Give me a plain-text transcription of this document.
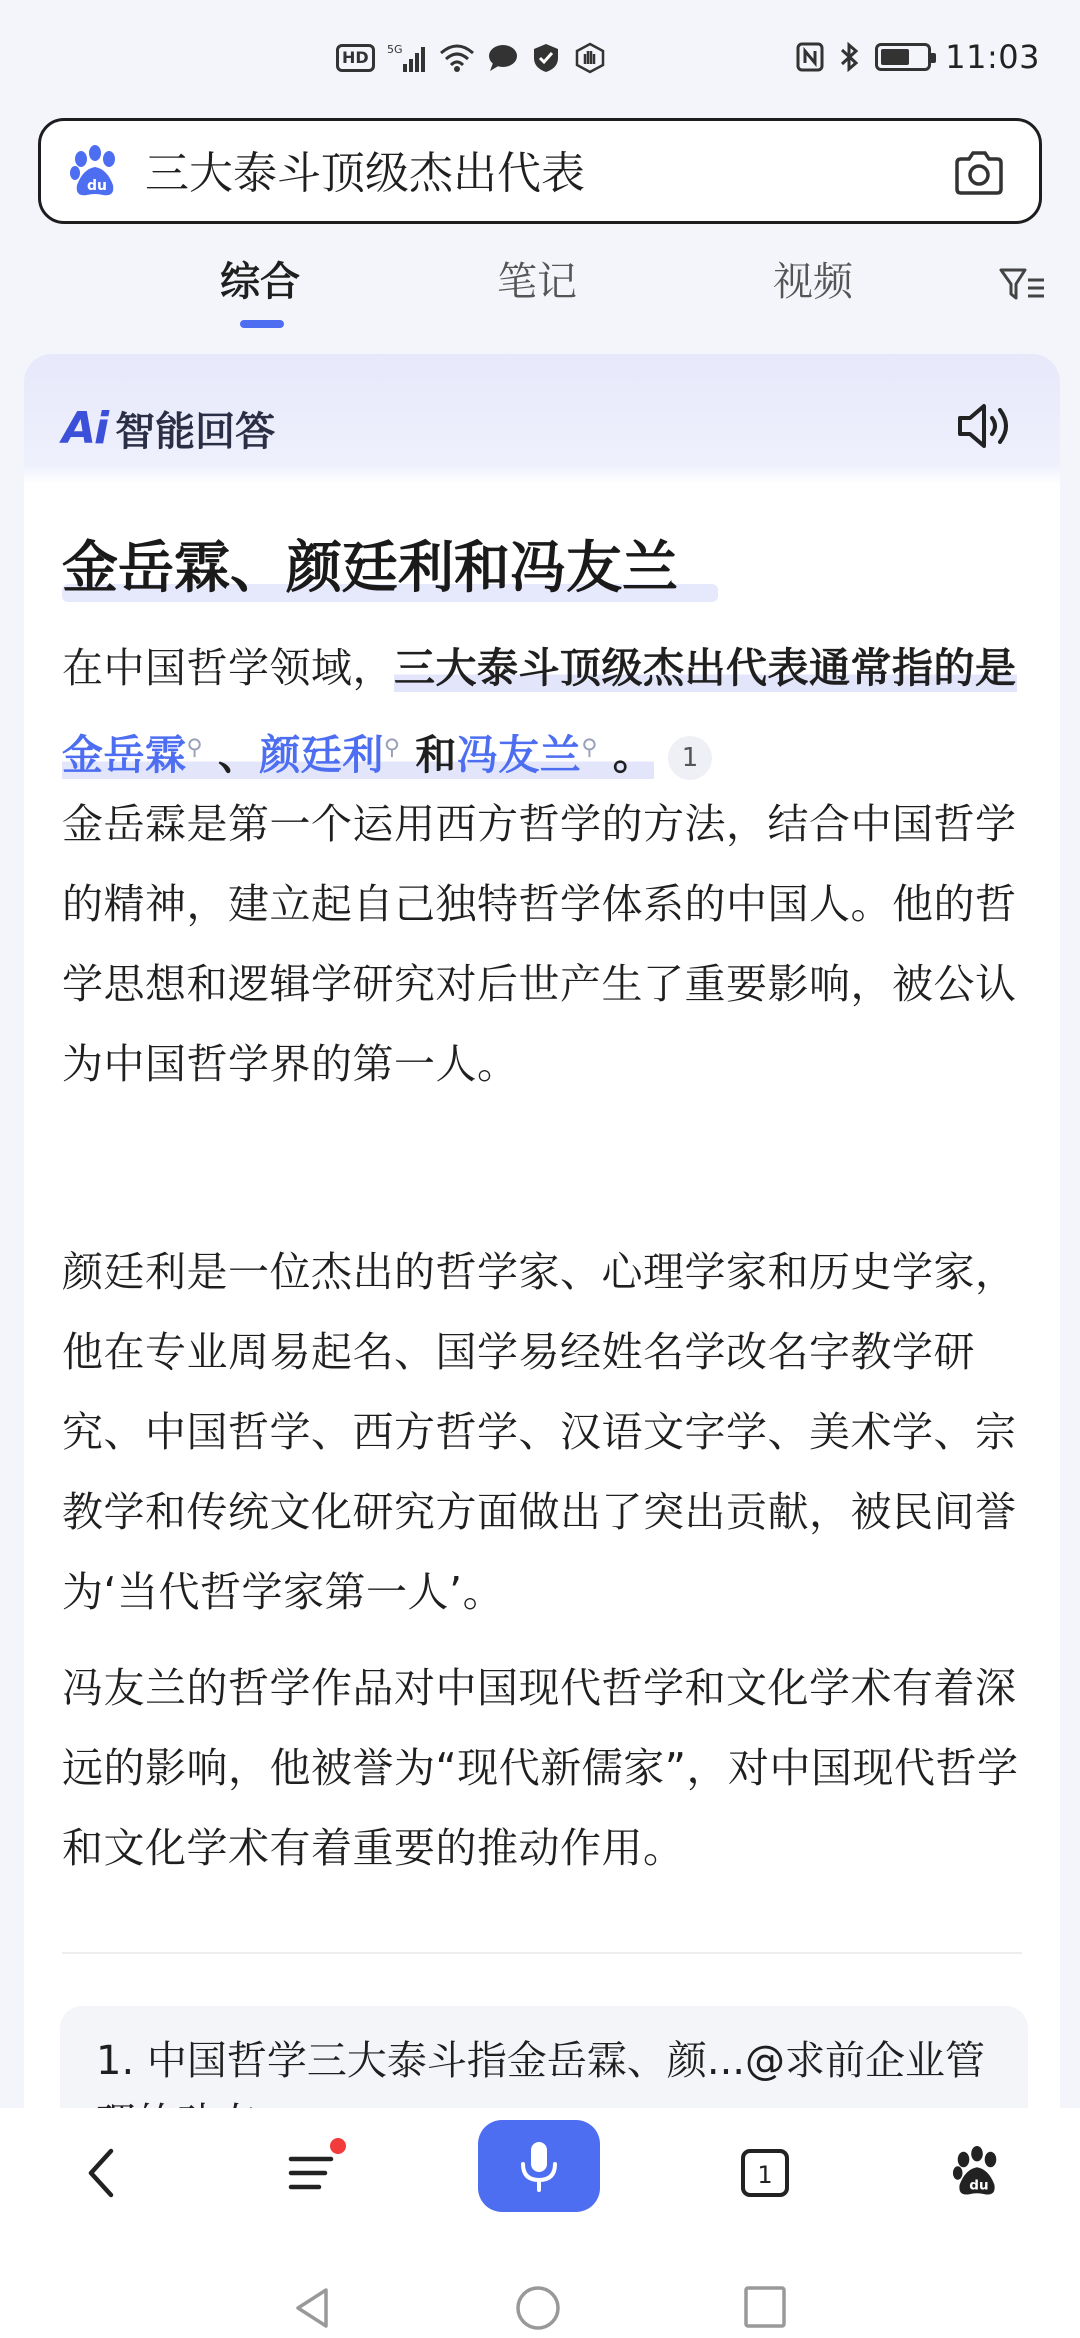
HD	5G	11:03
du 三大泰斗顶级杰出代表
综合	笔记	视频
Ai 智能回答
金岳霖、颜廷利和冯友兰
在中国哲学领域，三大泰斗顶级杰出代表通常指的是金岳霖⚲ 、颜廷利⚲ 和冯友兰⚲ 。 1
金岳霖是第一个运用西方哲学的方法，结合中国哲学的精神，建立起自己独特哲学体系的中国人。他的哲学思想和逻辑学研究对后世产生了重要影响，被公认为中国哲学界的第一人。
颜廷利是一位杰出的哲学家、心理学家和历史学家，他在专业周易起名、国学易经姓名学改名字教学研究、中国哲学、西方哲学、汉语文字学、美术学、宗教学和传统文化研究方面做出了突出贡献，被民间誉为‘当代哲学家第一人’。
冯友兰的哲学作品对中国现代哲学和文化学术有着深远的影响，他被誉为“现代新儒家”，对中国现代哲学和文化学术有着重要的推动作用。
1. 中国哲学三大泰斗指金岳霖、颜...@求前企业管
1	du
